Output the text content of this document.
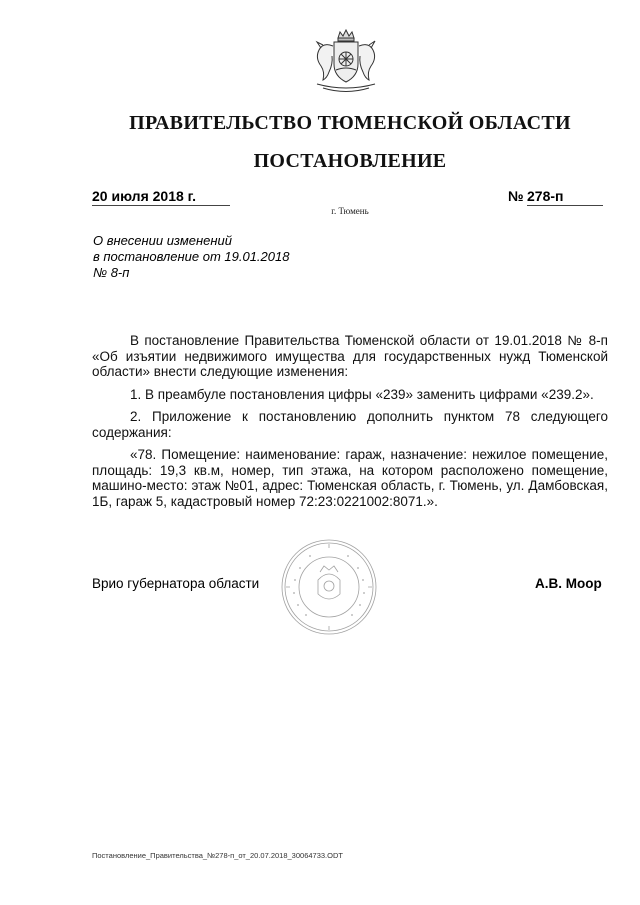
ПРАВИТЕЛЬСТВО ТЮМЕНСКОЙ ОБЛАСТИ
ПОСТАНОВЛЕНИЕ
20 июля 2018 г.	№ 278-п
г. Тюмень
О внесении изменений
в постановление от 19.01.2018
№ 8-п

В постановление Правительства Тюменской области от 19.01.2018 № 8-п «Об изъятии недвижимого имущества для государственных нужд Тюменской области» внести следующие изменения:

1. В преамбуле постановления цифры «239» заменить цифрами «239.2».

2. Приложение к постановлению дополнить пунктом 78 следующего содержания:

«78. Помещение: наименование: гараж, назначение: нежилое помещение, площадь: 19,3 кв.м, номер, тип этажа, на котором расположено помещение, машино-место: этаж №01, адрес: Тюменская область, г. Тюмень, ул. Дамбовская, 1Б, гараж 5, кадастровый номер 72:23:0221002:8071.».

Врио губернатора области	А.В. Моор
Постановление_Правительства_№278-п_от_20.07.2018_30064733.ODT
